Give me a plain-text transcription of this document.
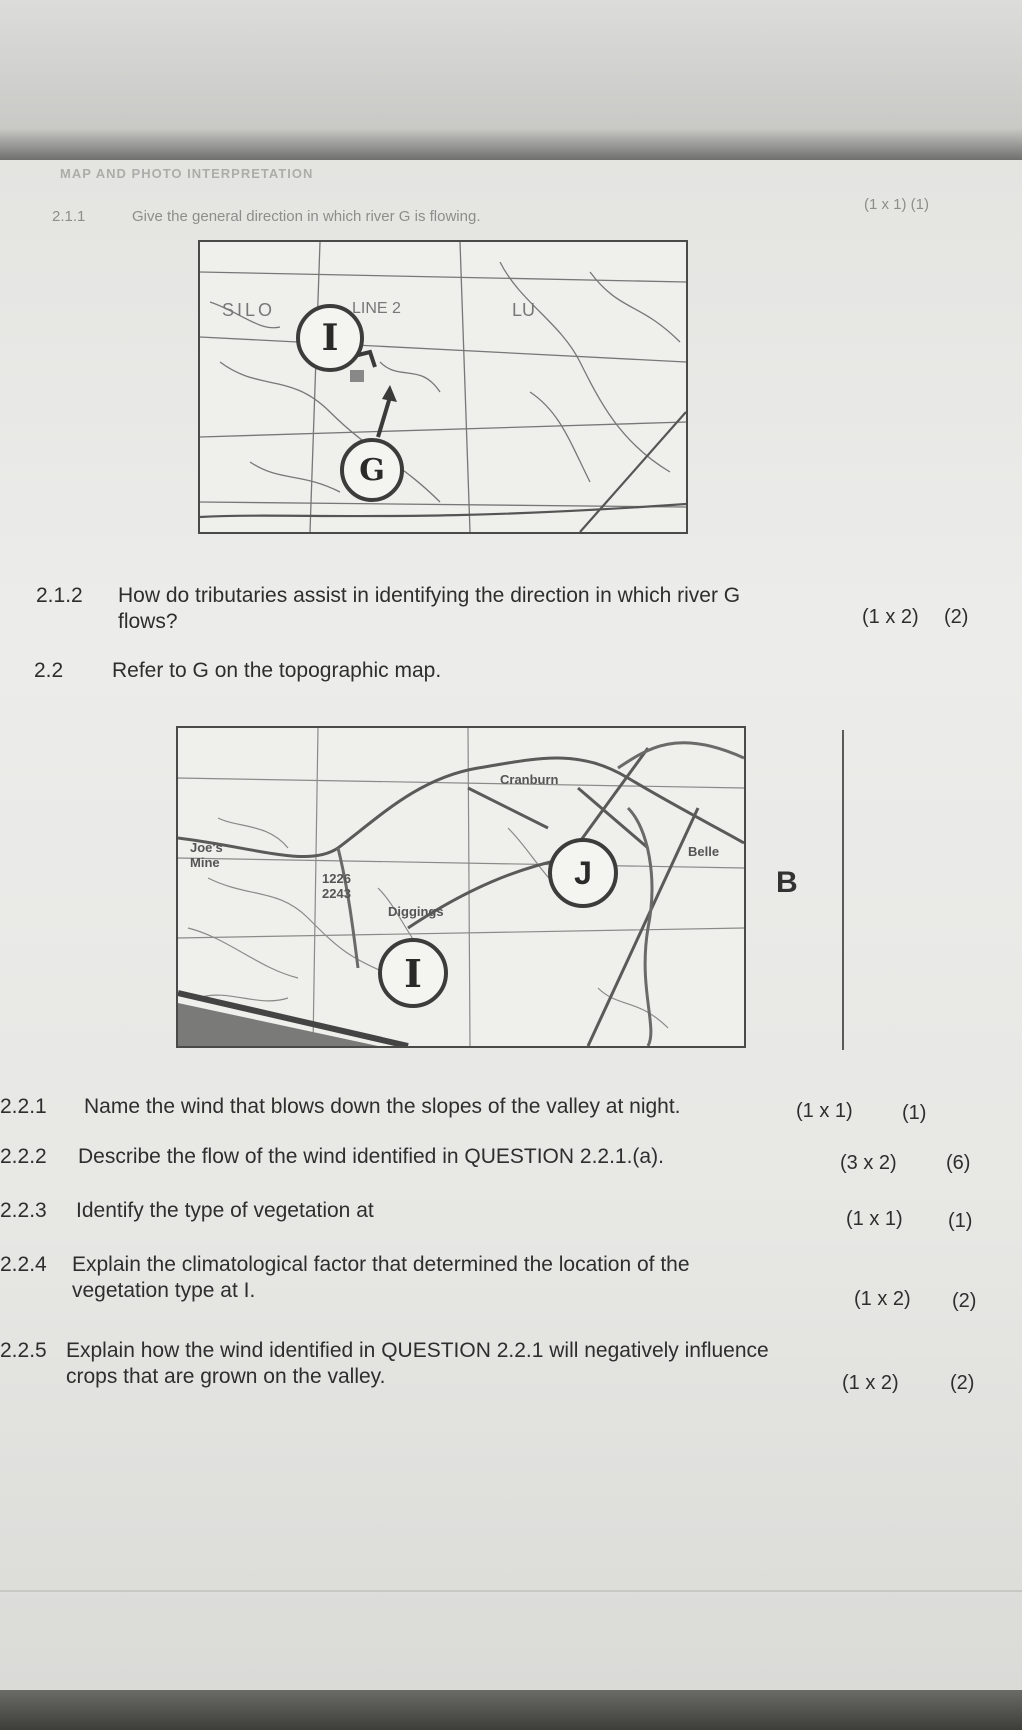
MAP AND PHOTO INTERPRETATION
2.1.1	Give the general direction in which river G is flowing.
(1 x 1) (1)
SILO	LINE 2	LU
I
G
2.1.2 How do tributaries assist in identifying the direction in which river G
flows?	(1 x 2) (2)
2.2 Refer to G on the topographic map.
Cranburn
Joe's Mine
1226
2243
Diggings
Belle
J
I
B
2.2.1 Name the wind that blows down the slopes of the valley at night.	(1 x 1) (1)
2.2.2 Describe the flow of the wind identified in QUESTION 2.2.1.(a).	(3 x 2) (6)
2.2.3 Identify the type of vegetation at	(1 x 1) (1)
2.2.4 Explain the climatological factor that determined the location of the
vegetation type at I.	(1 x 2) (2)
2.2.5 Explain how the wind identified in QUESTION 2.2.1 will negatively influence
crops that are grown on the valley.	(1 x 2)	(2)
